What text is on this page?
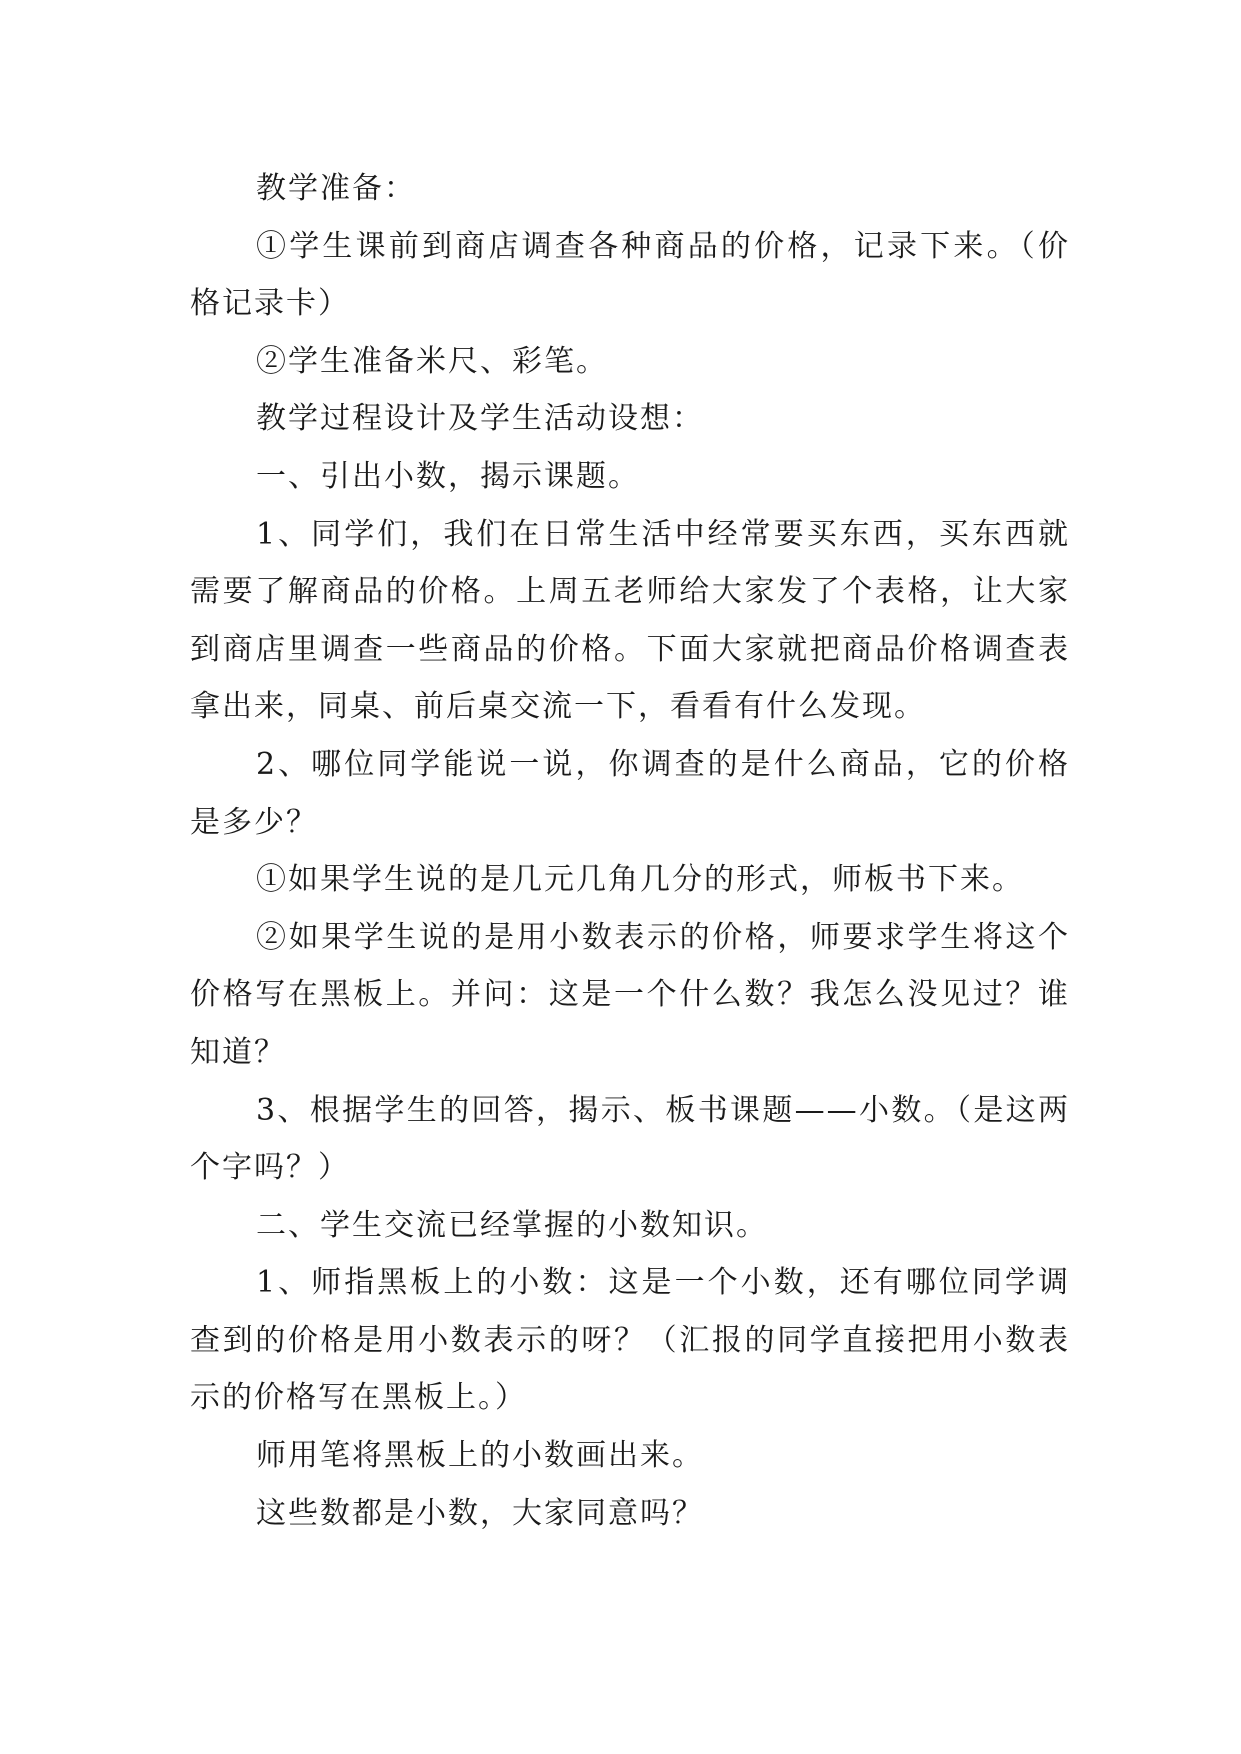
教学准备：

①学生课前到商店调查各种商品的价格，记录下来。（价格记录卡）

②学生准备米尺、彩笔。

教学过程设计及学生活动设想：

一、引出小数，揭示课题。

1、同学们，我们在日常生活中经常要买东西，买东西就需要了解商品的价格。上周五老师给大家发了个表格，让大家到商店里调查一些商品的价格。下面大家就把商品价格调查表拿出来，同桌、前后桌交流一下，看看有什么发现。

2、哪位同学能说一说，你调查的是什么商品，它的价格是多少？

①如果学生说的是几元几角几分的形式，师板书下来。

②如果学生说的是用小数表示的价格，师要求学生将这个价格写在黑板上。并问：这是一个什么数？我怎么没见过？谁知道？

3、根据学生的回答，揭示、板书课题——小数。（是这两个字吗？）

二、学生交流已经掌握的小数知识。

1、师指黑板上的小数：这是一个小数，还有哪位同学调查到的价格是用小数表示的呀？（汇报的同学直接把用小数表示的价格写在黑板上。）

师用笔将黑板上的小数画出来。

这些数都是小数，大家同意吗？
